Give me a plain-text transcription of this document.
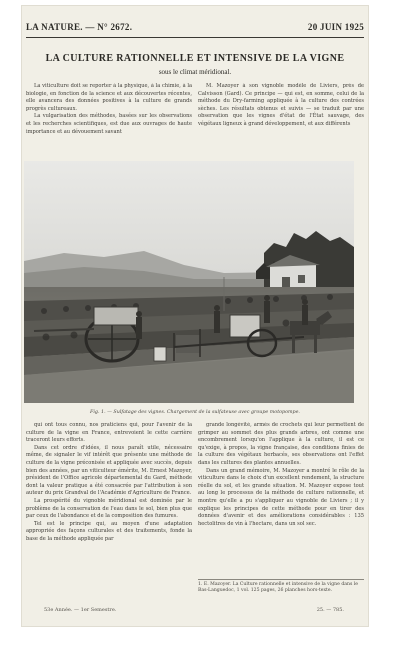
LA NATURE. — N° 2672.	20 JUIN 1925
LA CULTURE RATIONNELLE ET INTENSIVE DE LA VIGNE
sous le climat méridional.

La viticulture doit se reporter à la physique, à la chimie, à la biologie, en fonction de la science et aux découvertes récentes, elle avancera des données positives à la culture de grands progrès cultureaux.

La vulgarisation des méthodes, basées sur les observations et les recherches scientifiques, est due aux ouvrages de haute importance et au dévouement savant

M. Mazoyer à son vignoble modèle de Liviers, près de Calvisson (Gard). Ce principe — qui est, en somme, celui de la méthode du Dry-farming appliquée à la culture des contrées sèches. Les résultats obtenus et suivis — se traduit par une observation que les vignes d'état de l'État sauvage, des végétaux ligneux à grand développement, et aux différents

Fig. 1. — Sulfatage des vignes. Chargement de la sulfateuse avec groupe motopompe.

qui ont tous connu, nos praticiens qui, pour l'avenir de la culture de la vigne en France, entrevoient le cette carrière traceront leurs efforts.

Dans cet ordre d'idées, il nous paraît utile, nécessaire même, de signaler le vif intérêt que présente une méthode de culture de la vigne préconisée et appliquée avec succès, depuis bien des années, par un viticulteur émérite, M. Ernest Mazoyer, président de l'Office agricole départemental du Gard, méthode dont la valeur pratique a été consacrée par l'attribution à son auteur du prix Grandval de l'Académie d'Agriculture de France.

La prospérité du vignoble méridional est dominée par le problème de la conservation de l'eau dans le sol, bien plus que par ceux de l'abondance et de la composition des fumures.

Tel est le principe qui, au moyen d'une adaptation appropriée des façons culturales et des traitements, fonde la base de la méthode appliquée par

grande longévité, armés de crochets qui leur permettent de grimper au sommet des plus grands arbres, ont comme une encombrement lorsqu'on l'applique à la culture, il est ce qu'exige, à propos, la vigne française, des conditions finies de la culture des végétaux herbacés, ses observations ont l'effet dans les cultures des plantes annuelles.

Dans un grand mémoire, M. Mazoyer a montré le rôle de la viticulture dans le choix d'un excellent rendement, la structure réelle du sol, et les grande situation. M. Mazoyer expose tout au long le processus de la méthode de culture rationnelle, et montre qu'elle a pu s'appliquer au vignoble de Liviers ; il y explique les principes de cette méthode pour en tirer des données d'avenir et des améliorations considérables : 135 hectolitres de vin à l'hectare, dans un sol sec.

1. E. Mazoyer. La Culture rationnelle et intensive de la vigne dans le Bas-Languedoc, 1 vol. 125 pages, 26 planches hors-texte.
53e Année. — 1er Semestre.	25. — 785.
